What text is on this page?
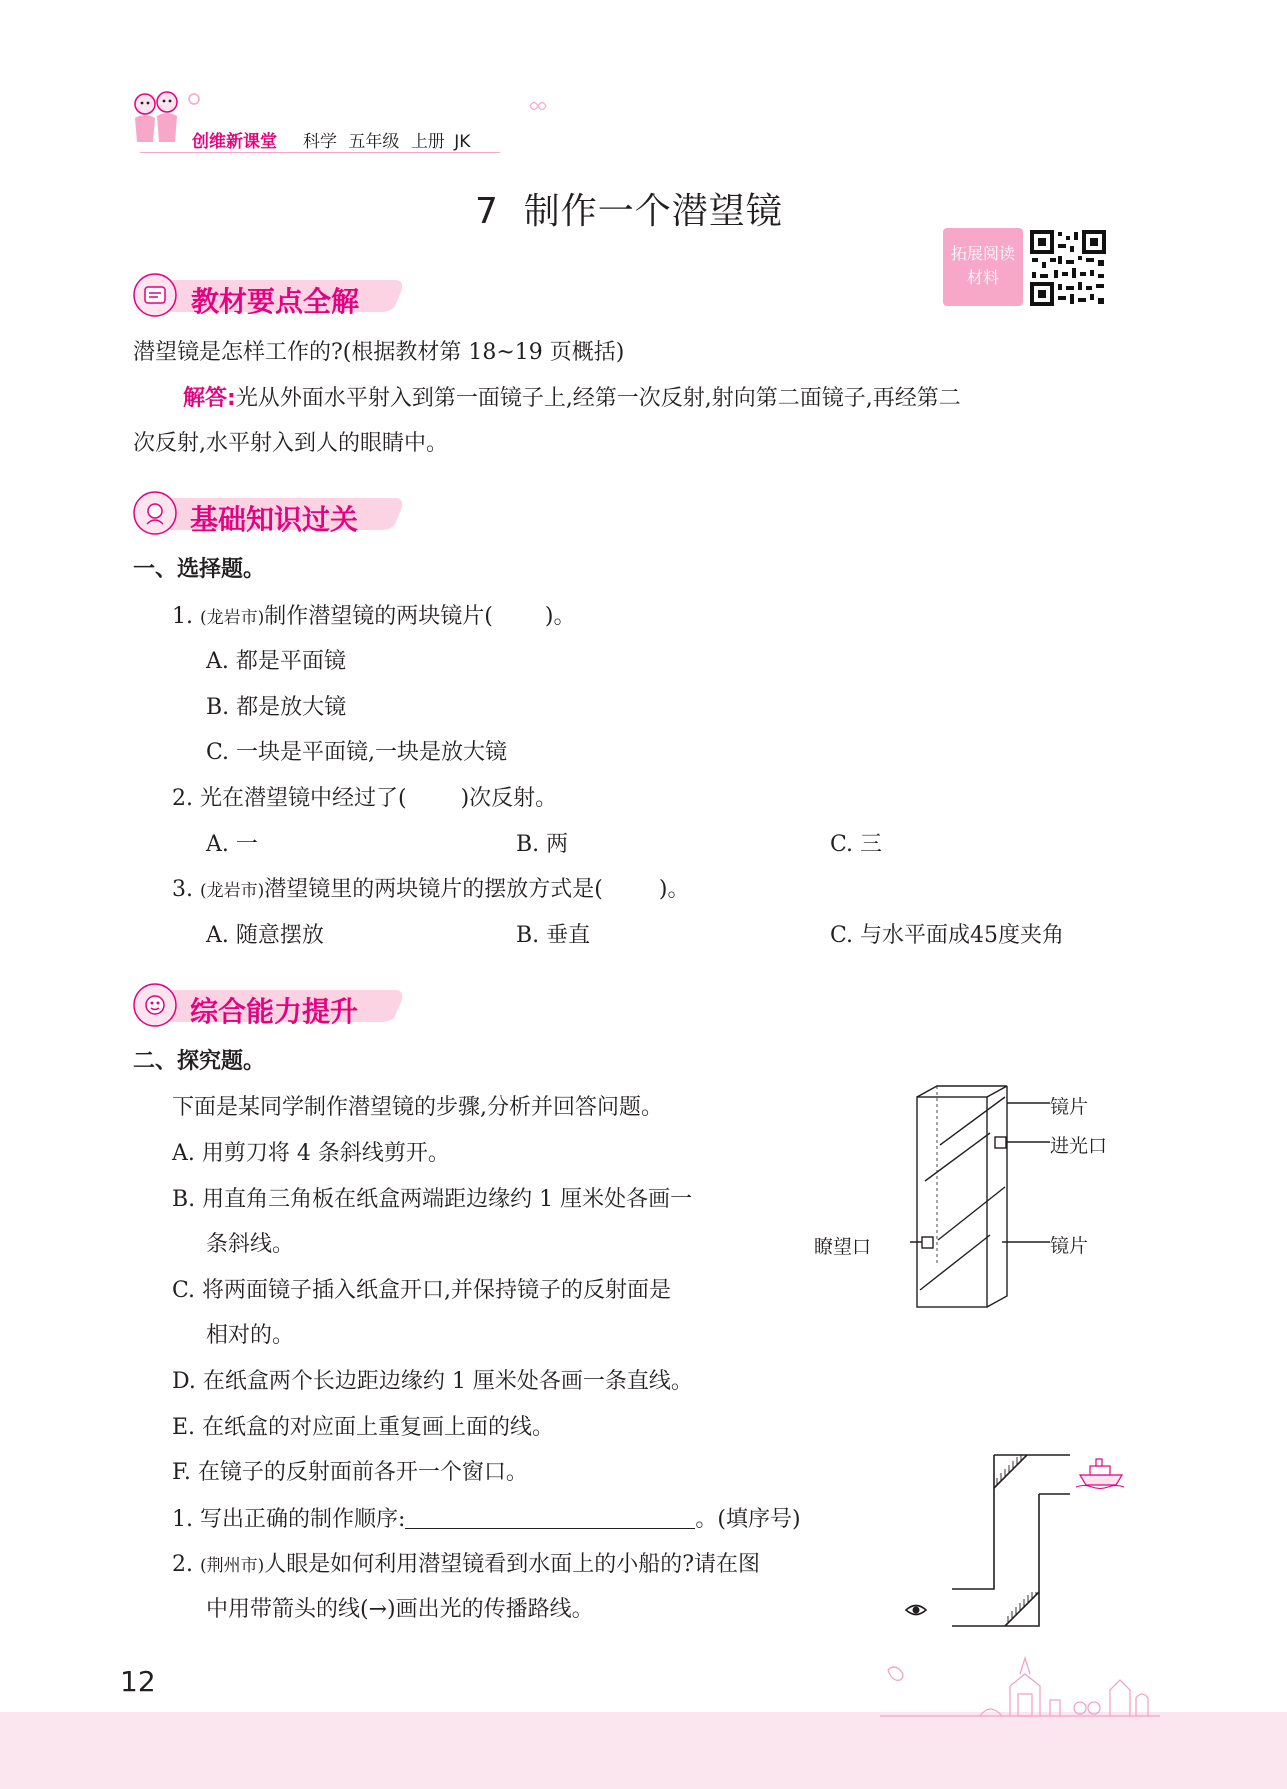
创维新课堂 科学 五年级 上册 JK
7  制作一个潜望镜
拓展阅读
材料
教材要点全解
潜望镜是怎样工作的?(根据教材第 18~19 页概括)
解答:光从外面水平射入到第一面镜子上,经第一次反射,射向第二面镜子,再经第二
次反射,水平射入到人的眼睛中。
基础知识过关
一、选择题。
1. (龙岩市)制作潜望镜的两块镜片( )。
A. 都是平面镜
B. 都是放大镜
C. 一块是平面镜,一块是放大镜
2. 光在潜望镜中经过了( )次反射。
A. 一	B. 两	C. 三
3. (龙岩市)潜望镜里的两块镜片的摆放方式是(	)。
A. 随意摆放	B. 垂直	C. 与水平面成45度夹角
综合能力提升
二、探究题。
下面是某同学制作潜望镜的步骤,分析并回答问题。
A. 用剪刀将 4 条斜线剪开。
B. 用直角三角板在纸盒两端距边缘约 1 厘米处各画一
条斜线。
C. 将两面镜子插入纸盒开口,并保持镜子的反射面是
相对的。
D. 在纸盒两个长边距边缘约 1 厘米处各画一条直线。
E. 在纸盒的对应面上重复画上面的线。
F. 在镜子的反射面前各开一个窗口。
1. 写出正确的制作顺序:	。(填序号)
2. (荆州市)人眼是如何利用潜望镜看到水面上的小船的?请在图
中用带箭头的线(→)画出光的传播路线。
镜片
进光口
瞭望口	镜片
12
